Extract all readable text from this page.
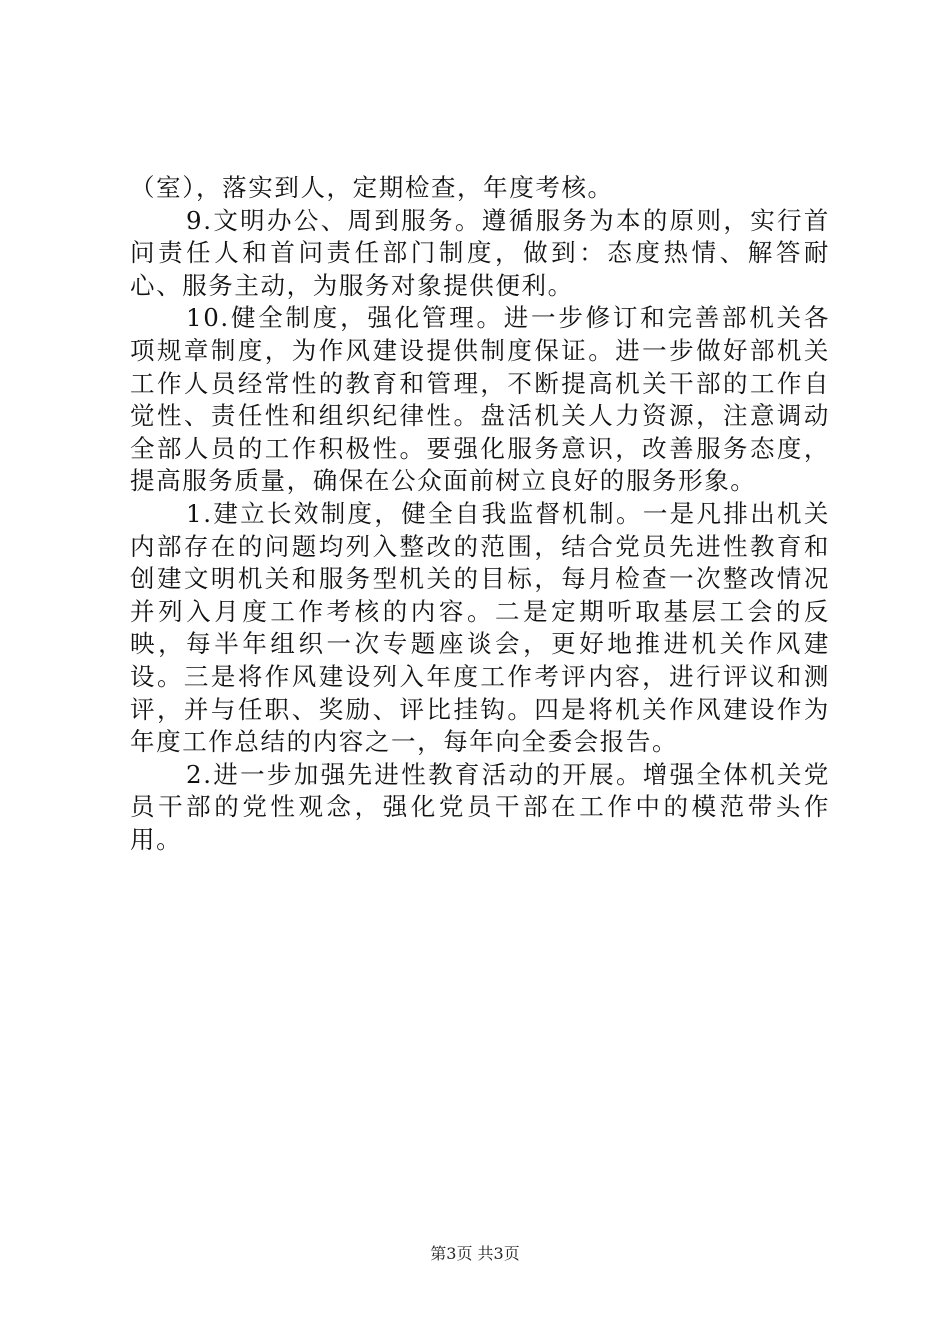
（室），落实到人，定期检查，年度考核。

9.文明办公、周到服务。遵循服务为本的原则，实行首问责任人和首问责任部门制度，做到：态度热情、解答耐心、服务主动，为服务对象提供便利。

10.健全制度，强化管理。进一步修订和完善部机关各项规章制度，为作风建设提供制度保证。进一步做好部机关工作人员经常性的教育和管理，不断提高机关干部的工作自觉性、责任性和组织纪律性。盘活机关人力资源，注意调动全部人员的工作积极性。要强化服务意识，改善服务态度，提高服务质量，确保在公众面前树立良好的服务形象。

1.建立长效制度，健全自我监督机制。一是凡排出机关内部存在的问题均列入整改的范围，结合党员先进性教育和创建文明机关和服务型机关的目标，每月检查一次整改情况并列入月度工作考核的内容。二是定期听取基层工会的反映，每半年组织一次专题座谈会，更好地推进机关作风建设。三是将作风建设列入年度工作考评内容，进行评议和测评，并与任职、奖励、评比挂钩。四是将机关作风建设作为年度工作总结的内容之一，每年向全委会报告。

2.进一步加强先进性教育活动的开展。增强全体机关党员干部的党性观念，强化党员干部在工作中的模范带头作用。

第3页 共3页
